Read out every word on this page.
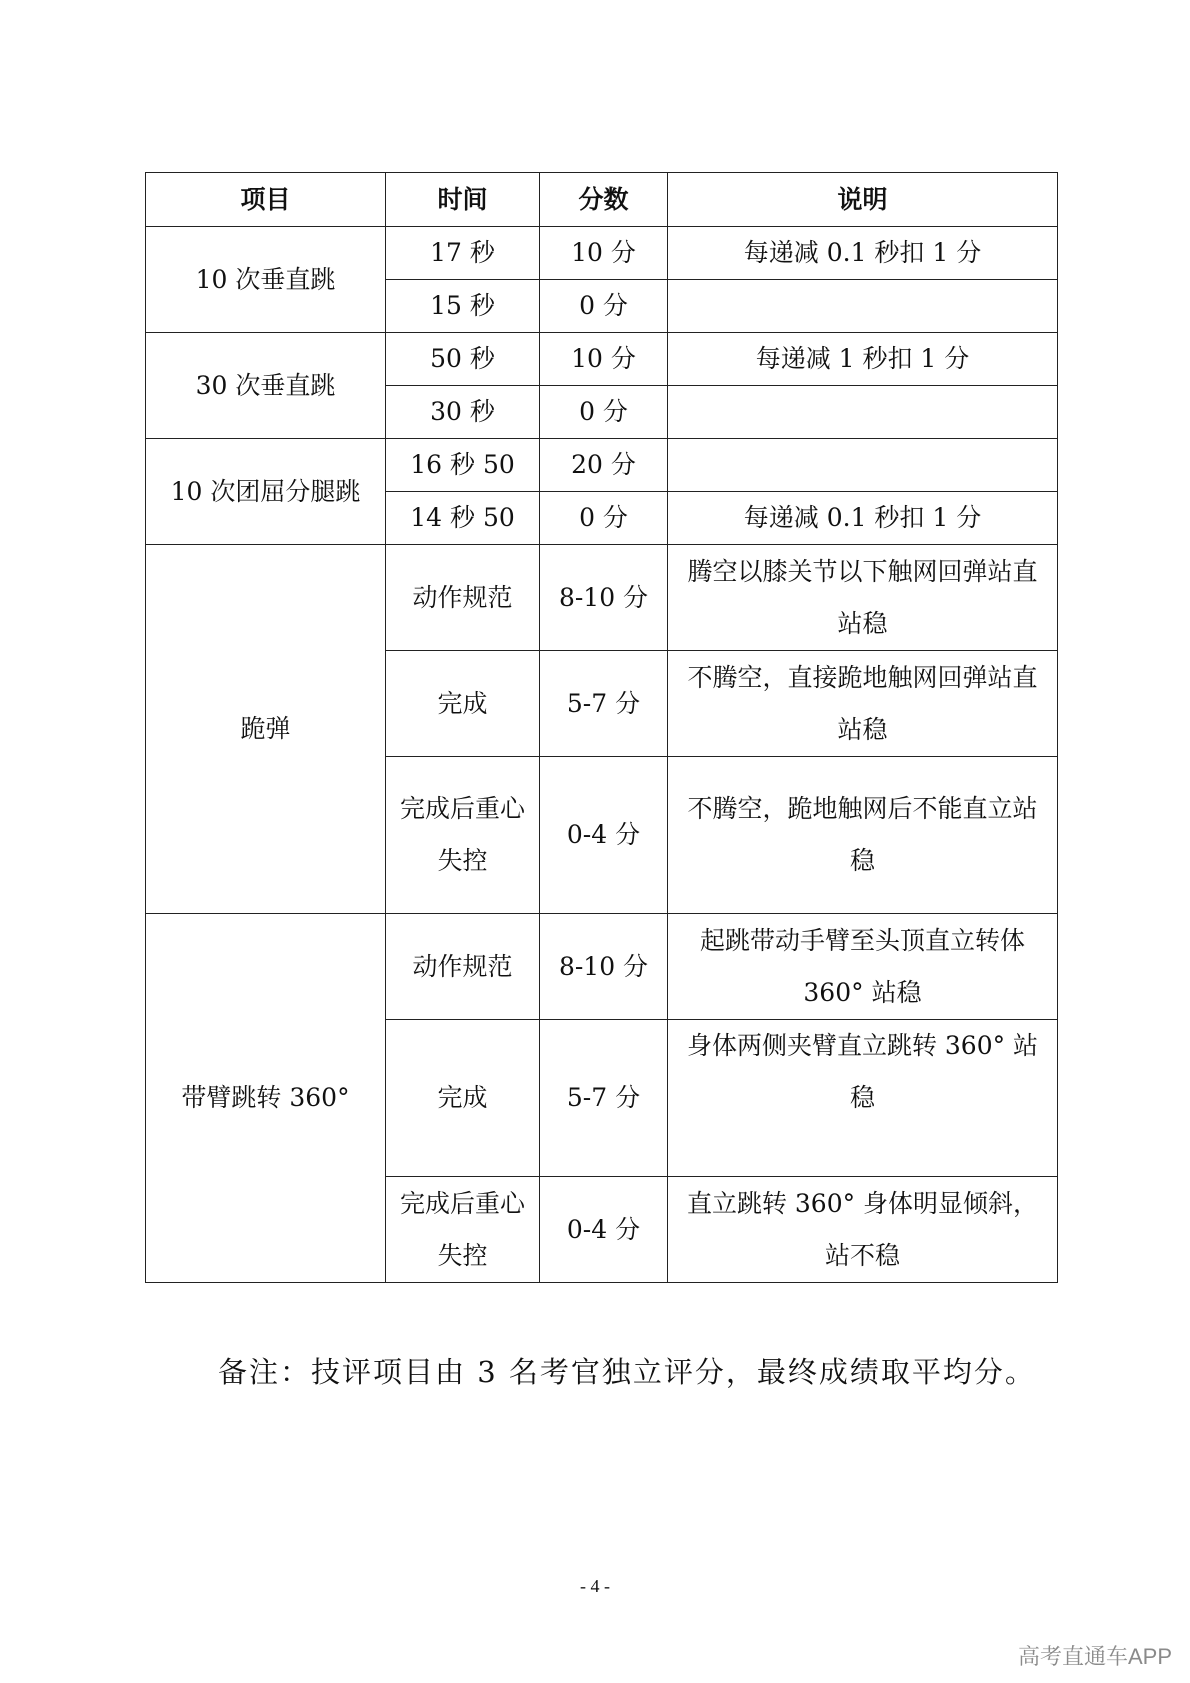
项目	时间	分数	说明
10 次垂直跳	17 秒	10 分	每递减 0.1 秒扣 1 分
	15 秒	0 分	
30 次垂直跳	50 秒	10 分	每递减 1 秒扣 1 分
	30 秒	0 分	
10 次团屈分腿跳	16 秒 50	20 分	
	14 秒 50	0 分	每递减 0.1 秒扣 1 分
跪弹	动作规范	8-10 分	腾空以膝关节以下触网回弹站直站稳
	完成	5-7 分	不腾空，直接跪地触网回弹站直站稳
	完成后重心失控	0-4 分	不腾空，跪地触网后不能直立站稳
带臂跳转 360°	动作规范	8-10 分	起跳带动手臂至头顶直立转体 360° 站稳
	完成	5-7 分	身体两侧夹臂直立跳转 360° 站稳
	完成后重心失控	0-4 分	直立跳转 360° 身体明显倾斜，站不稳
备注：技评项目由 3 名考官独立评分，最终成绩取平均分。
- 4 -
高考直通车APP
